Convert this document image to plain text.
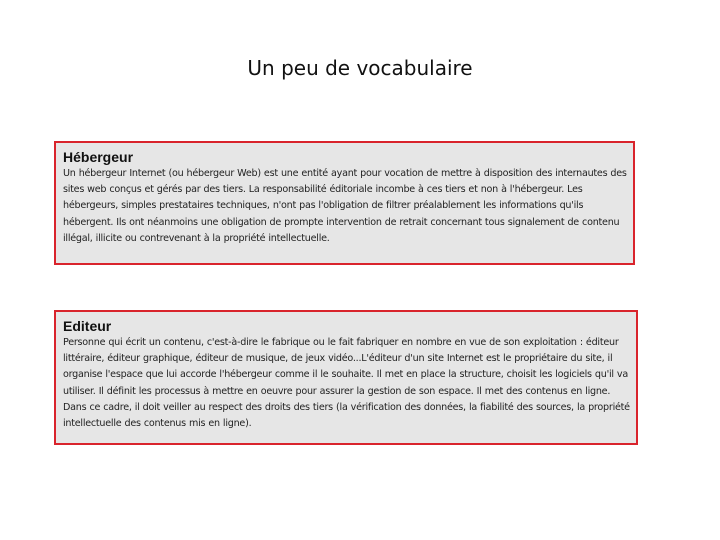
Un peu de vocabulaire
Hébergeur

Un hébergeur Internet (ou hébergeur Web) est une entité ayant pour vocation de mettre à disposition des internautes des sites web conçus et gérés par des tiers. La responsabilité éditoriale incombe à ces tiers et non à l'hébergeur. Les hébergeurs, simples prestataires techniques, n'ont pas l'obligation de filtrer préalablement les informations qu'ils hébergent. Ils ont néanmoins une obligation de prompte intervention de retrait concernant tous signalement de contenu illégal, illicite ou contrevenant à la propriété intellectuelle.

Editeur

Personne qui écrit un contenu, c'est-à-dire le fabrique ou le fait fabriquer en nombre en vue de son exploitation : éditeur littéraire, éditeur graphique, éditeur de musique, de jeux vidéo...L'éditeur d'un site Internet est le propriétaire du site, il organise l'espace que lui accorde l'hébergeur comme il le souhaite. Il met en place la structure, choisit les logiciels qu'il va utiliser. Il définit les processus à mettre en oeuvre pour assurer la gestion de son espace. Il met des contenus en ligne. Dans ce cadre, il doit veiller au respect des droits des tiers (la vérification des données, la fiabilité des sources, la propriété intellectuelle des contenus mis en ligne).
